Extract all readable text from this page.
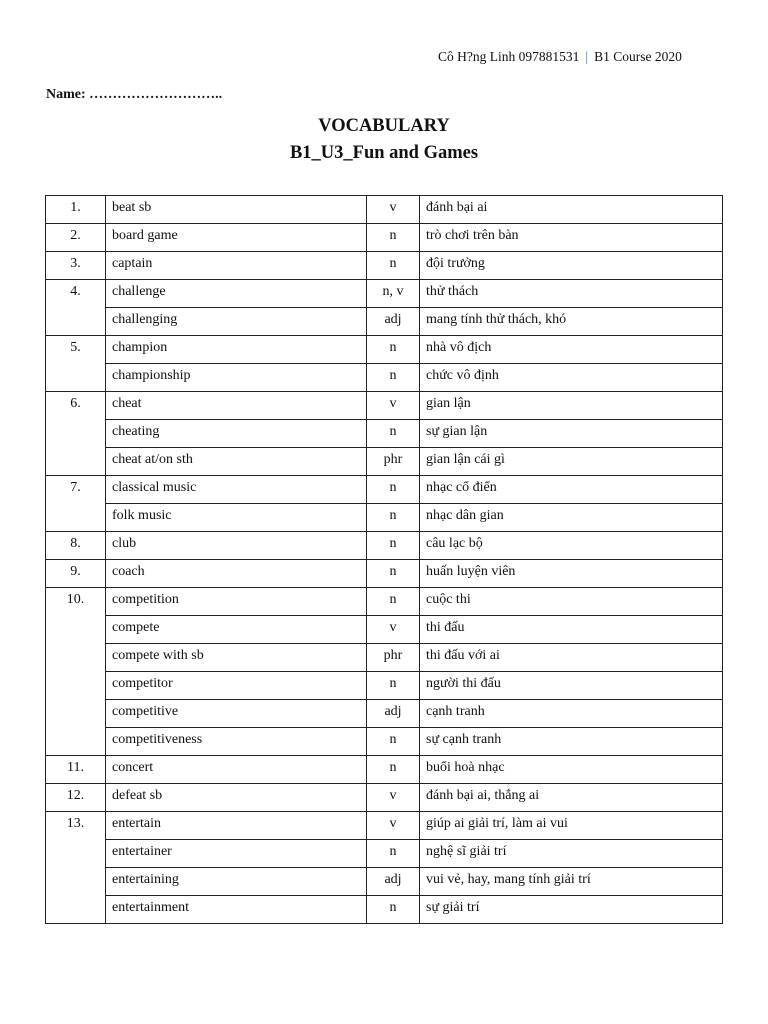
Cô H?ng Linh 097881531 | B1 Course 2020
Name: ………………………..
VOCABULARY
B1_U3_Fun and Games
1.	beat sb	v	đánh bại ai
2.	board game	n	trò chơi trên bàn
3.	captain	n	đội trưởng
4.	challenge	n, v	thử thách
	challenging	adj	mang tính thử thách, khó
5.	champion	n	nhà vô địch
	championship	n	chức vô định
6.	cheat	v	gian lận
	cheating	n	sự gian lận
	cheat at/on sth	phr	gian lận cái gì
7.	classical music	n	nhạc cổ điển
	folk music	n	nhạc dân gian
8.	club	n	câu lạc bộ
9.	coach	n	huấn luyện viên
10.	competition	n	cuộc thi
	compete	v	thi đấu
	compete with sb	phr	thi đấu với ai
	competitor	n	người thi đấu
	competitive	adj	cạnh tranh
	competitiveness	n	sự cạnh tranh
11.	concert	n	buổi hoà nhạc
12.	defeat sb	v	đánh bại ai, thắng ai
13.	entertain	v	giúp ai giải trí, làm ai vui
	entertainer	n	nghệ sĩ giải trí
	entertaining	adj	vui vẻ, hay, mang tính giải trí
	entertainment	n	sự giải trí
